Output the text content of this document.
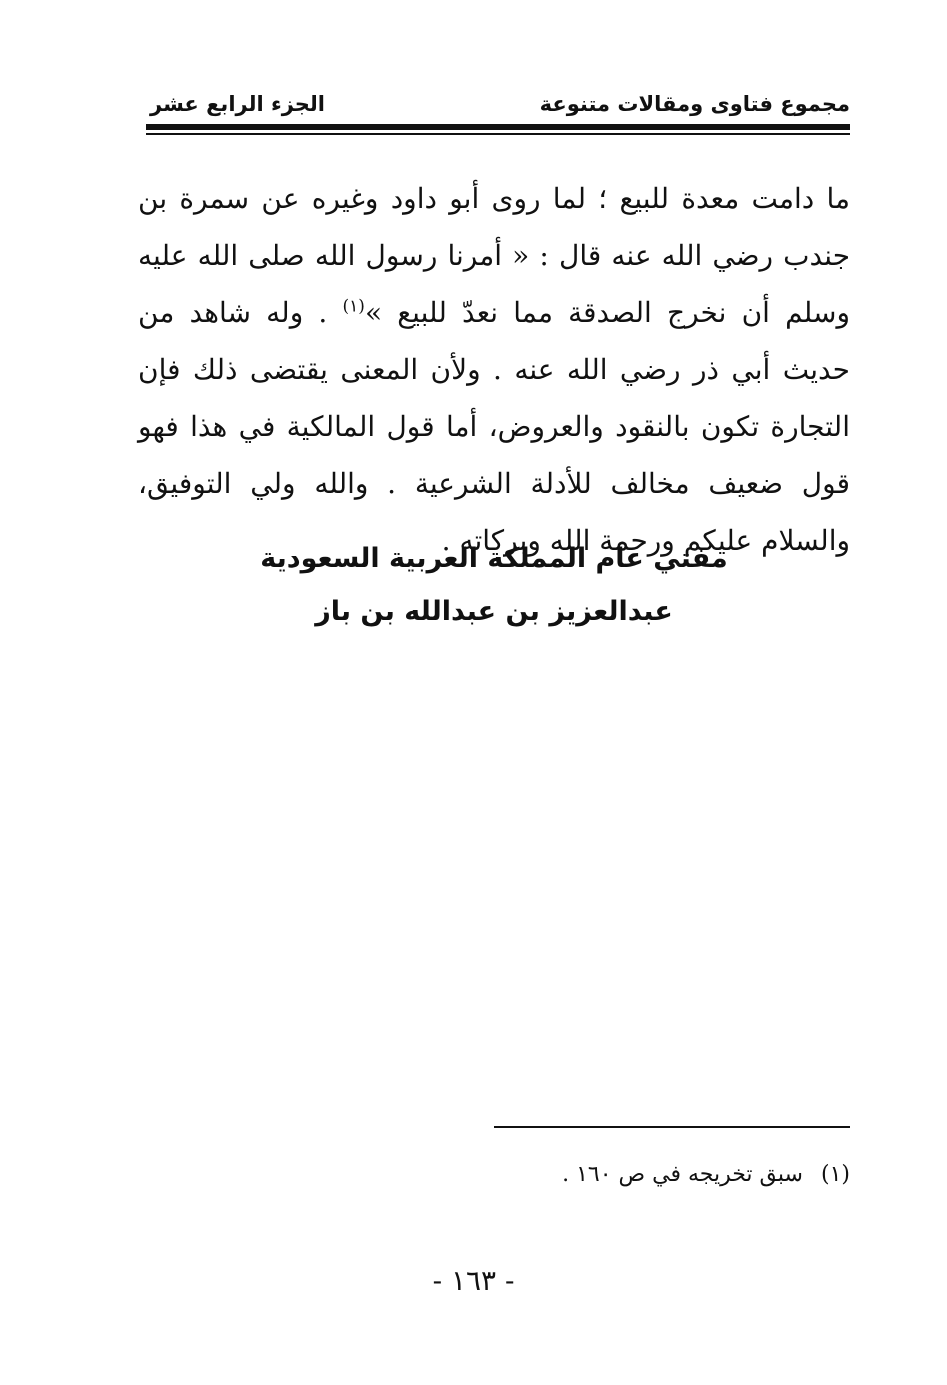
مجموع فتاوى ومقالات متنوعة
الجزء الرابع عشر
ما دامت معدة للبيع ؛ لما روى أبو داود وغيره عن سمرة بن
جندب رضي الله عنه قال : « أمرنا رسول الله صلى الله عليه
وسلم أن نخرج الصدقة مما نعدّ للبيع »$^{(١)}$ . وله شاهد من
حديث أبي ذر رضي الله عنه . ولأن المعنى يقتضى ذلك فإن
التجارة تكون بالنقود والعروض، أما قول المالكية في هذا فهو
قول ضعيف مخالف للأدلة الشرعية . والله ولي التوفيق،
والسلام عليكم ورحمة الله وبركاته .
مفتي عام المملكة العربية السعودية
عبدالعزيز بن عبدالله بن باز
(١)سبق تخريجه في ص ١٦٠ .
- ١٦٣ -
